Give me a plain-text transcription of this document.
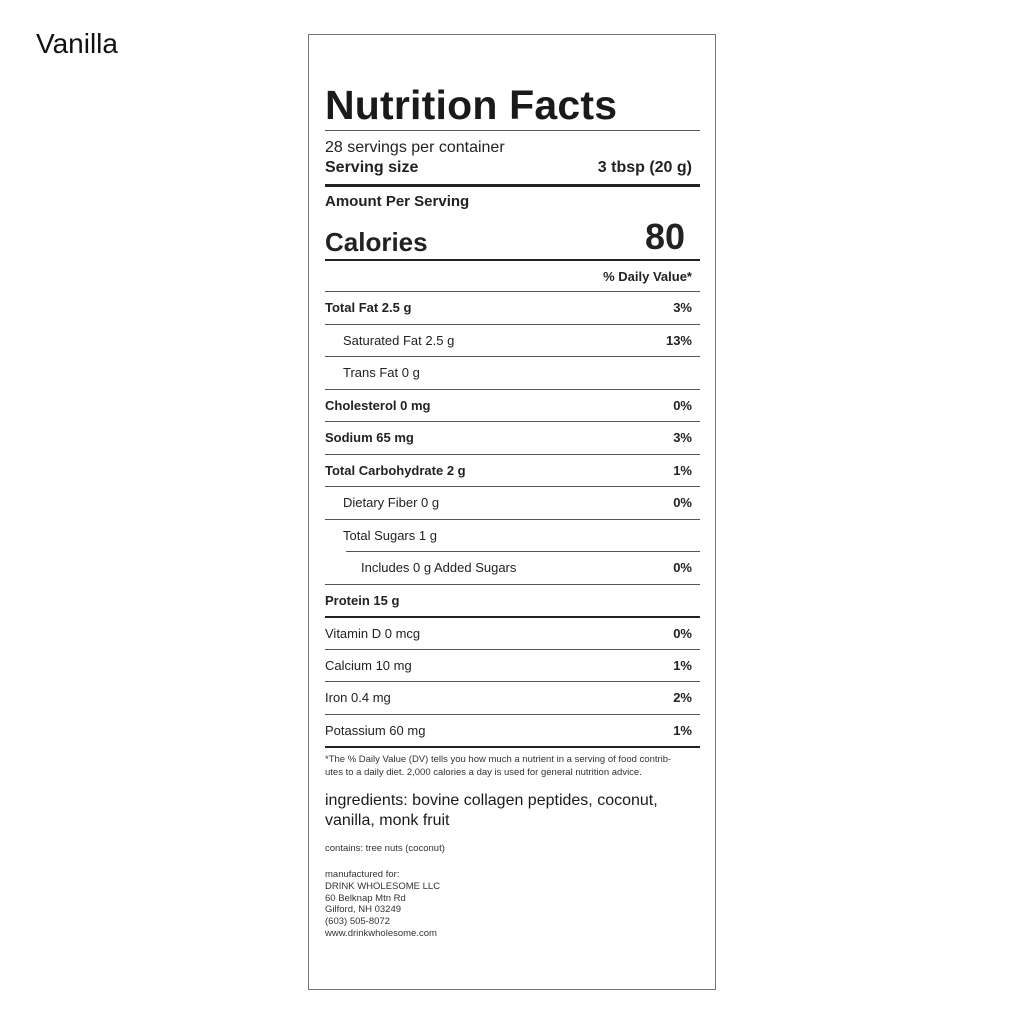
Vanilla
Nutrition Facts
28 servings per container
Serving size	3 tbsp (20 g)
Amount Per Serving
Calories	80
% Daily Value*
Total Fat 2.5 g	3%
Saturated Fat 2.5 g	13%
Trans Fat 0 g
Cholesterol 0 mg	0%
Sodium 65 mg	3%
Total Carbohydrate 2 g	1%
Dietary Fiber 0 g	0%
Total Sugars 1 g
Includes 0 g Added Sugars	0%
Protein 15 g
Vitamin D 0 mcg	0%
Calcium 10 mg	1%
Iron 0.4 mg	2%
Potassium 60 mg	1%
*The % Daily Value (DV) tells you how much a nutrient in a serving of food contrib-
utes to a daily diet. 2,000 calories a day is used for general nutrition advice.
ingredients: bovine collagen peptides, coconut,
vanilla, monk fruit
contains: tree nuts (coconut)
manufactured for:
DRINK WHOLESOME LLC
60 Belknap Mtn Rd
Gilford, NH 03249
(603) 505-8072
www.drinkwholesome.com
